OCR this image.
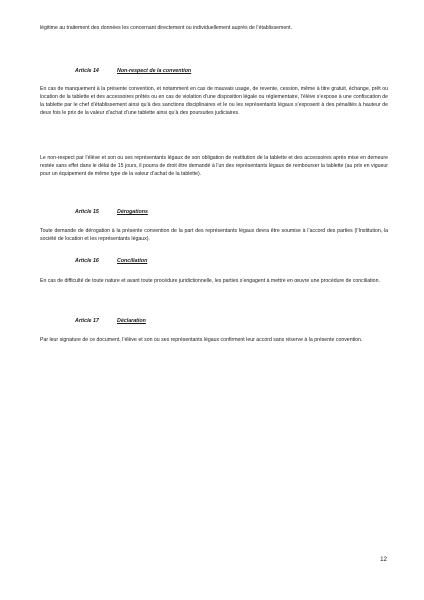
légitime au traitement des données les concernant directement ou individuellement auprès de l’établissement.

Article 14	Non-respect de la convention

En cas de manquement à la présente convention, et notamment en cas de mauvais usage, de revente, cession, même à titre gratuit, échange, prêt ou location de la tablette et des accessoires prêtés ou en cas de violation d’une disposition légale ou réglementaire, l’élève s’expose à une confiscation de la tablette par le chef d’établissement ainsi qu’à des sanctions disciplinaires et le ou les représentants légaux s’exposent à des pénalités à hauteur de deux fois le prix de la valeur d’achat d’une tablette ainsi qu’à des poursuites judiciaires.

Le non-respect par l’élève et son ou ses représentants légaux de son obligation de restitution de la tablette et des accessoires après mise en demeure restée sans effet dans le délai de 15 jours, il pourra de droit être demandé à l’un des représentants légaux de rembourser la tablette (au prix en vigueur pour un équipement de même type de la valeur d’achat de la tablette).

Article 15	Dérogations

Toute demande de dérogation à la présente convention de la part des représentants légaux devra être soumise à l’accord des parties (l’Institution, la société de location et les représentants légaux).

Article 16	Conciliation

En cas de difficulté de toute nature et avant toute procédure juridictionnelle, les parties s’engagent à mettre en œuvre une procédure de conciliation.

Article 17	Déclaration

Par leur signature de ce document, l’élève et son ou ses représentants légaux confirment leur accord sans réserve à la présente convention.

12
